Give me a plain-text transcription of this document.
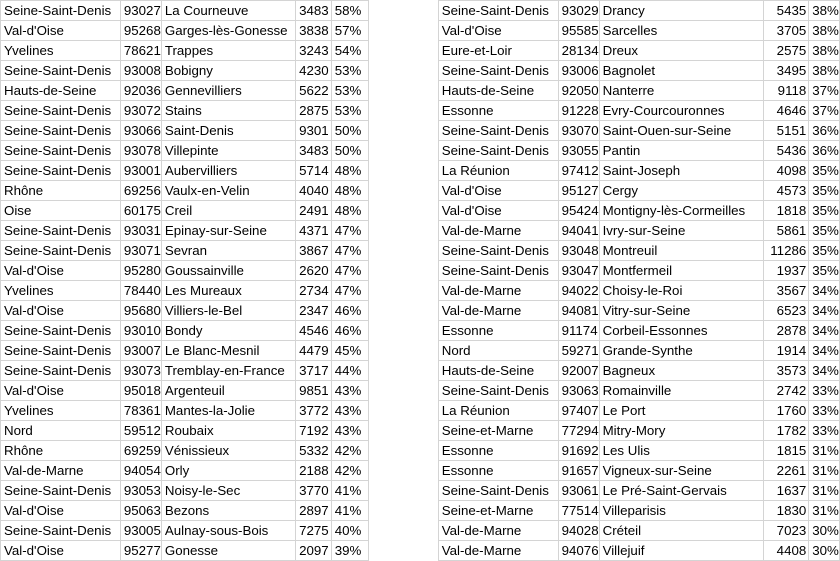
Seine-Saint-Denis	93027	La Courneuve	3483	58%		Seine-Saint-Denis	93029	Drancy	5435	38%
Val-d'Oise	95268	Garges-lès-Gonesse	3838	57%		Val-d'Oise	95585	Sarcelles	3705	38%
Yvelines	78621	Trappes	3243	54%		Eure-et-Loir	28134	Dreux	2575	38%
Seine-Saint-Denis	93008	Bobigny	4230	53%		Seine-Saint-Denis	93006	Bagnolet	3495	38%
Hauts-de-Seine	92036	Gennevilliers	5622	53%		Hauts-de-Seine	92050	Nanterre	9118	37%
Seine-Saint-Denis	93072	Stains	2875	53%		Essonne	91228	Evry-Courcouronnes	4646	37%
Seine-Saint-Denis	93066	Saint-Denis	9301	50%		Seine-Saint-Denis	93070	Saint-Ouen-sur-Seine	5151	36%
Seine-Saint-Denis	93078	Villepinte	3483	50%		Seine-Saint-Denis	93055	Pantin	5436	36%
Seine-Saint-Denis	93001	Aubervilliers	5714	48%		La Réunion	97412	Saint-Joseph	4098	35%
Rhône	69256	Vaulx-en-Velin	4040	48%		Val-d'Oise	95127	Cergy	4573	35%
Oise	60175	Creil	2491	48%		Val-d'Oise	95424	Montigny-lès-Cormeilles	1818	35%
Seine-Saint-Denis	93031	Epinay-sur-Seine	4371	47%		Val-de-Marne	94041	Ivry-sur-Seine	5861	35%
Seine-Saint-Denis	93071	Sevran	3867	47%		Seine-Saint-Denis	93048	Montreuil	11286	35%
Val-d'Oise	95280	Goussainville	2620	47%		Seine-Saint-Denis	93047	Montfermeil	1937	35%
Yvelines	78440	Les Mureaux	2734	47%		Val-de-Marne	94022	Choisy-le-Roi	3567	34%
Val-d'Oise	95680	Villiers-le-Bel	2347	46%		Val-de-Marne	94081	Vitry-sur-Seine	6523	34%
Seine-Saint-Denis	93010	Bondy	4546	46%		Essonne	91174	Corbeil-Essonnes	2878	34%
Seine-Saint-Denis	93007	Le Blanc-Mesnil	4479	45%		Nord	59271	Grande-Synthe	1914	34%
Seine-Saint-Denis	93073	Tremblay-en-France	3717	44%		Hauts-de-Seine	92007	Bagneux	3573	34%
Val-d'Oise	95018	Argenteuil	9851	43%		Seine-Saint-Denis	93063	Romainville	2742	33%
Yvelines	78361	Mantes-la-Jolie	3772	43%		La Réunion	97407	Le Port	1760	33%
Nord	59512	Roubaix	7192	43%		Seine-et-Marne	77294	Mitry-Mory	1782	33%
Rhône	69259	Vénissieux	5332	42%		Essonne	91692	Les Ulis	1815	31%
Val-de-Marne	94054	Orly	2188	42%		Essonne	91657	Vigneux-sur-Seine	2261	31%
Seine-Saint-Denis	93053	Noisy-le-Sec	3770	41%		Seine-Saint-Denis	93061	Le Pré-Saint-Gervais	1637	31%
Val-d'Oise	95063	Bezons	2897	41%		Seine-et-Marne	77514	Villeparisis	1830	31%
Seine-Saint-Denis	93005	Aulnay-sous-Bois	7275	40%		Val-de-Marne	94028	Créteil	7023	30%
Val-d'Oise	95277	Gonesse	2097	39%		Val-de-Marne	94076	Villejuif	4408	30%
